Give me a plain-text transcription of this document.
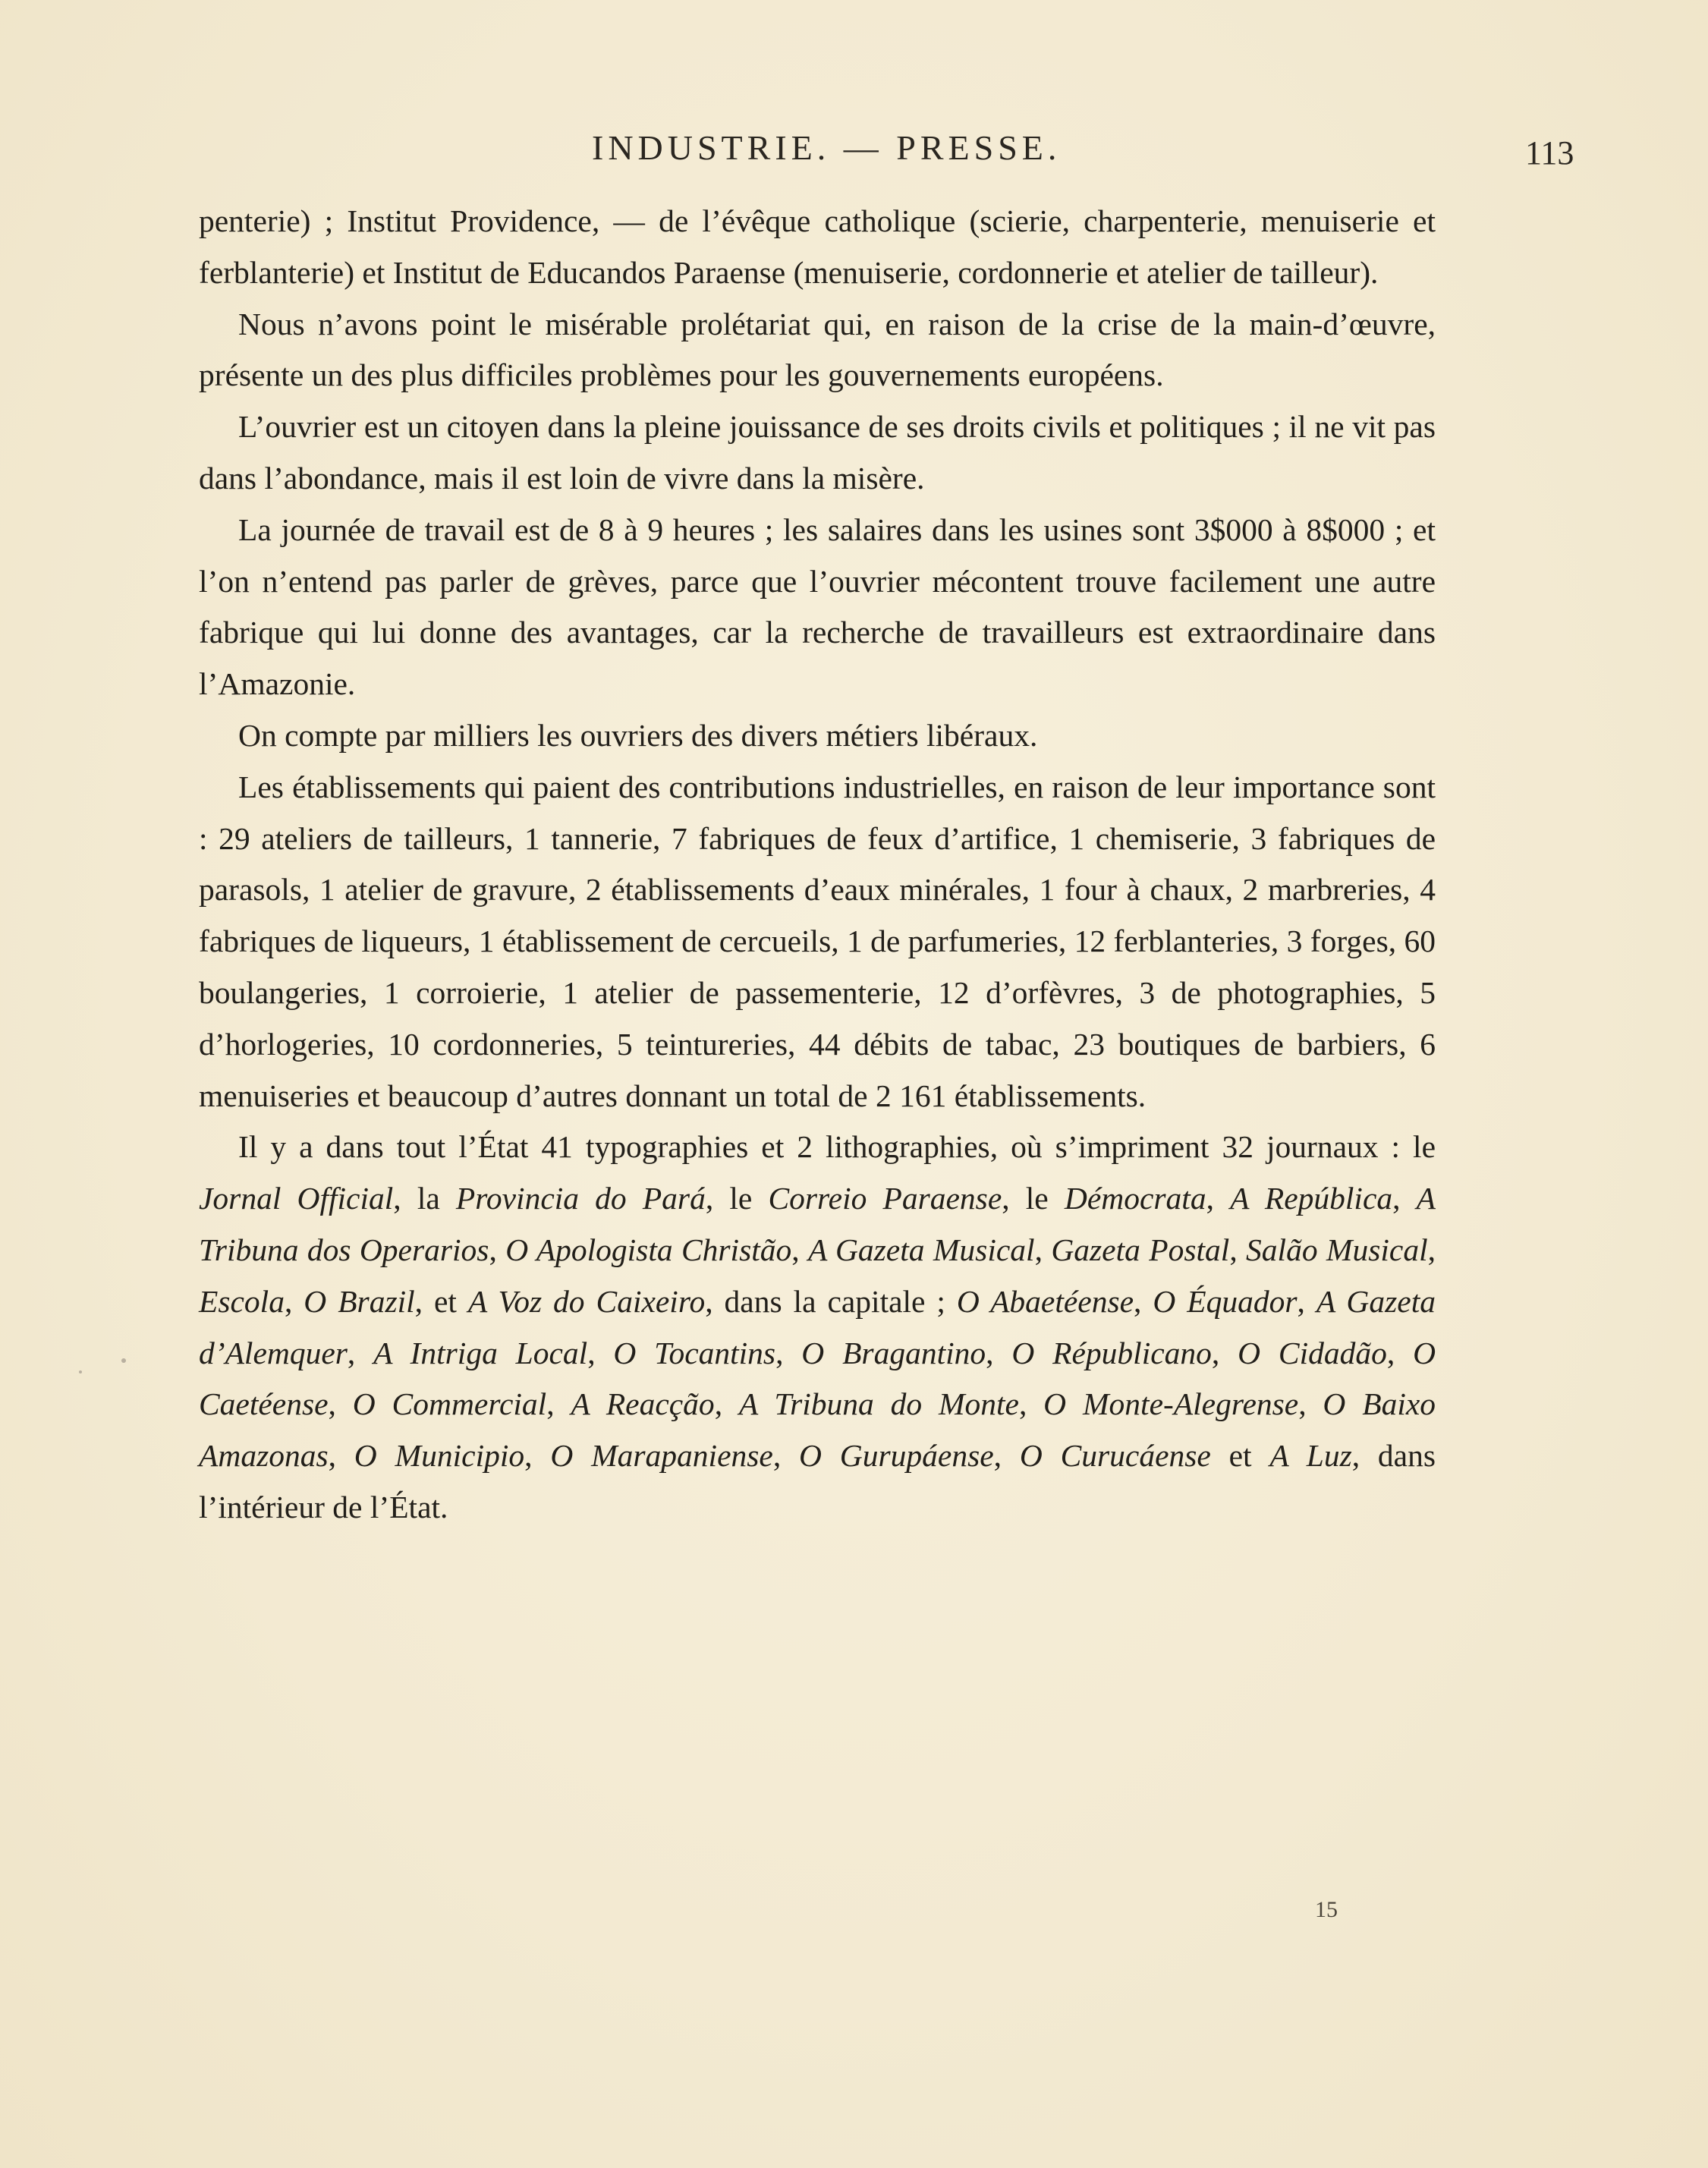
INDUSTRIE. — PRESSE.	113

penterie) ; Institut Providence, — de l’évêque catholique (scierie, charpenterie, menuiserie et ferblanterie) et Institut de Educandos Paraense (menuiserie, cordonnerie et atelier de tailleur).

Nous n’avons point le misérable prolétariat qui, en raison de la crise de la main-d’œuvre, présente un des plus difficiles problèmes pour les gouvernements européens.

L’ouvrier est un citoyen dans la pleine jouissance de ses droits civils et politiques ; il ne vit pas dans l’abondance, mais il est loin de vivre dans la misère.

La journée de travail est de 8 à 9 heures ; les salaires dans les usines sont 3$000 à 8$000 ; et l’on n’entend pas parler de grèves, parce que l’ouvrier mécontent trouve facilement une autre fabrique qui lui donne des avantages, car la recherche de travailleurs est extraordinaire dans l’Amazonie.

On compte par milliers les ouvriers des divers métiers libéraux.

Les établissements qui paient des contributions industrielles, en raison de leur importance sont : 29 ateliers de tailleurs, 1 tannerie, 7 fabriques de feux d’artifice, 1 chemiserie, 3 fabriques de parasols, 1 atelier de gravure, 2 établissements d’eaux minérales, 1 four à chaux, 2 marbreries, 4 fabriques de liqueurs, 1 établissement de cercueils, 1 de parfumeries, 12 ferblanteries, 3 forges, 60 boulangeries, 1 corroierie, 1 atelier de passementerie, 12 d’orfèvres, 3 de photographies, 5 d’horlogeries, 10 cordonneries, 5 teintureries, 44 débits de tabac, 23 boutiques de barbiers, 6 menuiseries et beaucoup d’autres donnant un total de 2 161 établissements.

Il y a dans tout l’État 41 typographies et 2 lithographies, où s’impriment 32 journaux : le Jornal Official, la Provincia do Pará, le Correio Paraense, le Démocrata, A República, A Tribuna dos Operarios, O Apologista Christão, A Gazeta Musical, Gazeta Postal, Salão Musical, Escola, O Brazil, et A Voz do Caixeiro, dans la capitale ; O Abaetéense, O Équador, A Gazeta d’Alemquer, A Intriga Local, O Tocantins, O Bragantino, O Républicano, O Cidadão, O Caetéense, O Commercial, A Reacção, A Tribuna do Monte, O Monte-Alegrense, O Baixo Amazonas, O Municipio, O Marapaniense, O Gurupáense, O Curucáense et A Luz, dans l’intérieur de l’État.

15
